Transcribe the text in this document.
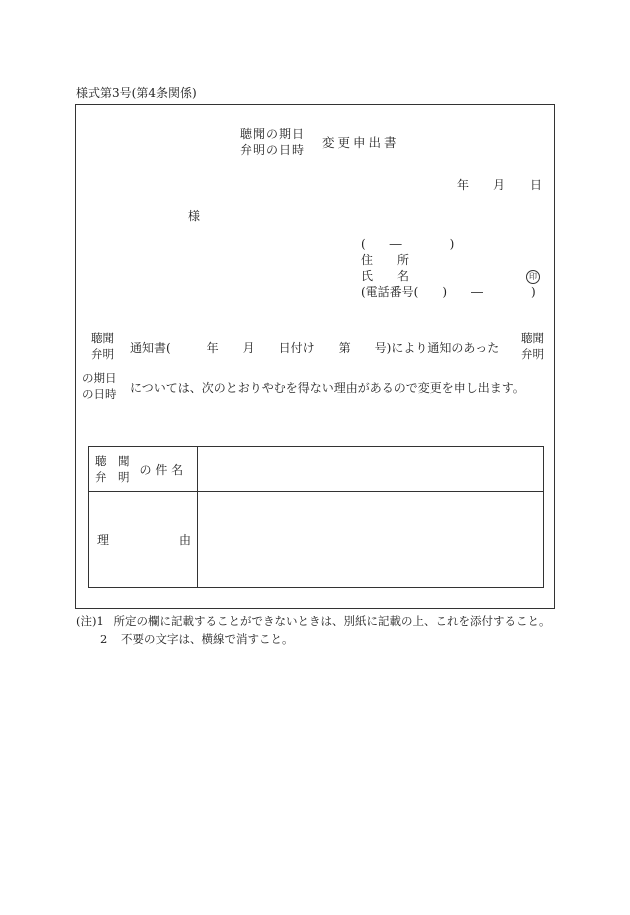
様式第3号(第4条関係)
聴聞の期日
弁明の日時 変更申出書
年 月 日
様
(　　―　　　　)
住　　所
氏　　名	印
(電話番号(　　)　　―　　　　)
聴聞
弁明 通知書(　　　年　　月　　日付け　　第　　号)により通知のあった
聴聞
弁明
の期日
の日時 については、次のとおりやむを得ない理由があるので変更を申し出ます。
聴　聞
弁　明
の 件 名	

理 由	

(注)1 所定の欄に記載することができないときは、別紙に記載の上、これを添付すること。
2 不要の文字は、横線で消すこと。
